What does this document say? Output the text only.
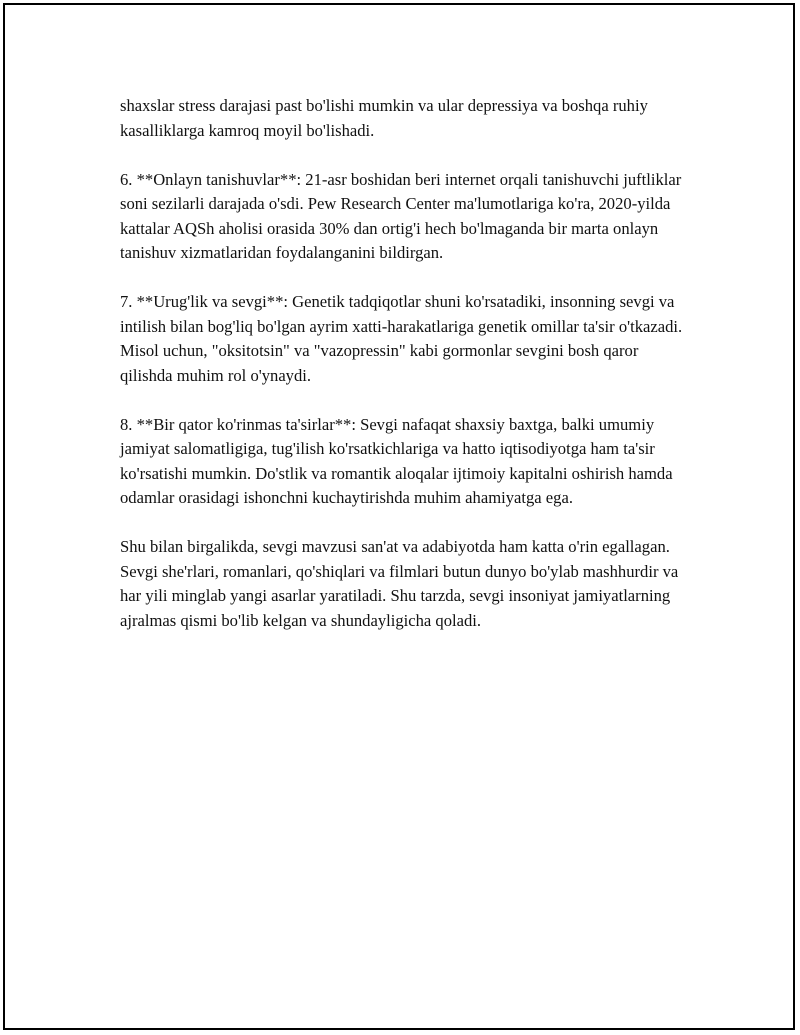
shaxslar stress darajasi past bo'lishi mumkin va ular depressiya va boshqa ruhiy kasalliklarga kamroq moyil bo'lishadi.

6. **Onlayn tanishuvlar**: 21-asr boshidan beri internet orqali tanishuvchi juftliklar soni sezilarli darajada o'sdi. Pew Research Center ma'lumotlariga ko'ra, 2020-yilda kattalar AQSh aholisi orasida 30% dan ortig'i hech bo'lmaganda bir marta onlayn tanishuv xizmatlaridan foydalanganini bildirgan.

7. **Urug'lik va sevgi**: Genetik tadqiqotlar shuni ko'rsatadiki, insonning sevgi va intilish bilan bog'liq bo'lgan ayrim xatti-harakatlariga genetik omillar ta'sir o'tkazadi. Misol uchun, "oksitotsin" va "vazopressin" kabi gormonlar sevgini bosh qaror qilishda muhim rol o'ynaydi.

8. **Bir qator ko'rinmas ta'sirlar**: Sevgi nafaqat shaxsiy baxtga, balki umumiy jamiyat salomatligiga, tug'ilish ko'rsatkichlariga va hatto iqtisodiyotga ham ta'sir ko'rsatishi mumkin. Do'stlik va romantik aloqalar ijtimoiy kapitalni oshirish hamda odamlar orasidagi ishonchni kuchaytirishda muhim ahamiyatga ega.

Shu bilan birgalikda, sevgi mavzusi san'at va adabiyotda ham katta o'rin egallagan. Sevgi she'rlari, romanlari, qo'shiqlari va filmlari butun dunyo bo'ylab mashhurdir va har yili minglab yangi asarlar yaratiladi. Shu tarzda, sevgi insoniyat jamiyatlarning ajralmas qismi bo'lib kelgan va shundayligicha qoladi.
